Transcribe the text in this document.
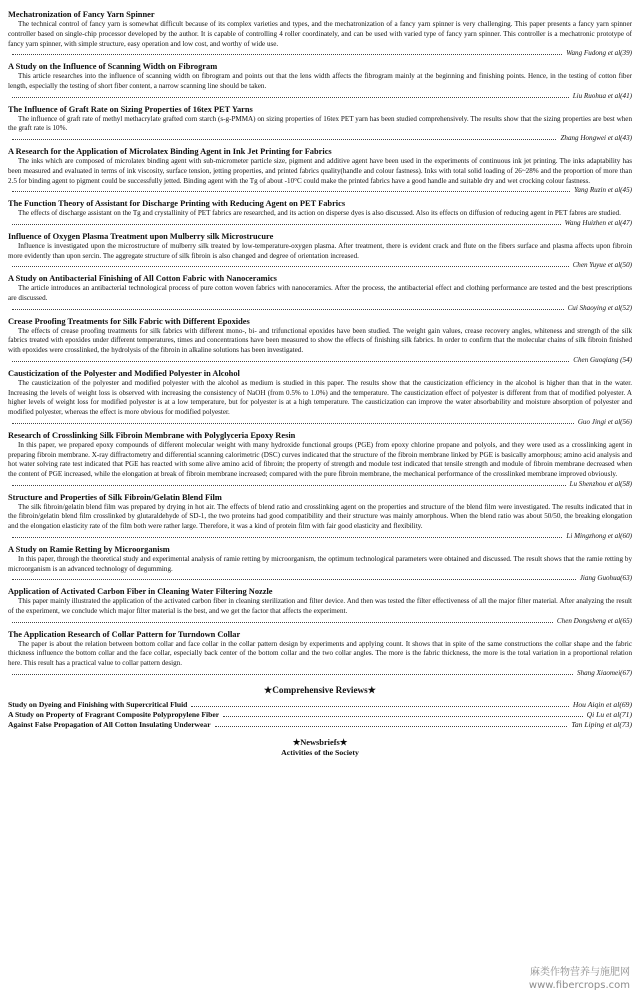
Mechatronization of Fancy Yarn Spinner
The technical control of fancy yarn is somewhat difficult because of its complex varieties and types, and the mechatronization of a fancy yarn spinner is very challenging. This paper presents a fancy yarn spinner controller based on single-chip processor developed by the author. It is capable of controlling 4 roller coordinately, and can be used with varied type of fancy yarn spinner. This controller is a mechatronic prototype of fancy yarn spinner, with simple structure, easy operation and low cost, and worthy of wide use.
Wang Fudong et al(39)
A Study on the Influence of Scanning Width on Fibrogram
This article researches into the influence of scanning width on fibrogram and points out that the lens width affects the fibrogram mainly at the beginning and finishing points. Hence, in the testing of cotton fiber length, especially the testing of short fiber content, a narrow scanning line should be taken.
Liu Ruohua et al(41)
The Influence of Graft Rate on Sizing Properties of 16tex PET Yarns
The influence of graft rate of methyl methacrylate grafted corn starch (s-g-PMMA) on sizing properties of 16tex PET yarn has been studied comprehensively. The results show that the sizing properties are best when the graft rate is 10%.
Zhang Hongwei et al(43)
A Research for the Application of Microlatex Binding Agent in Ink Jet Printing for Fabrics
The inks which are composed of microlatex binding agent with sub-micrometer particle size, pigment and additive agent have been used in the experiments of continuous ink jet printing. The inks adaptability has been measured and evaluated in terms of ink viscosity, surface tension, jetting properties, and printed fabrics quality(handle and colour fastness). Inks with total solid loading of 26~28% and the proportion of more than 2.5 for binding agent to pigment could be successfully jetted. Binding agent with the Tg of about -10°C could make the printed fabrics have a good handle and suitable dry and wet crocking colour fastness.
Yang Ruzin et al(45)
The Function Theory of Assistant for Discharge Printing with Reducing Agent on PET Fabrics
The effects of discharge assistant on the Tg and crystallinity of PET fabrics are researched, and its action on disperse dyes is also discussed. Also its effects on diffusion of reducing agent in PET fabres are studied.
Wang Huizhen et al(47)
Influence of Oxygen Plasma Treatment upon Mulberry silk Microstrucure
Influence is investigated upon the microstructure of mulberry silk treated by low-temperature-oxygen plasma. After treatment, there is evident crack and flute on the fibers surface and plasma affects upon fibroin more evidently than upon sercin. The aggregate structure of silk fibroin is also changed and degree of orientation increased.
Chen Yuyue et al(50)
A Study on Antibacterial Finishing of All Cotton Fabric with Nanoceramics
The article introduces an antibacterial technological process of pure cotton woven fabrics with nanoceramics. After the process, the antibacterial effect and clothing performance are tested and the best prescriptions are discussed.
Cui Shaoying et al(52)
Crease Proofing Treatments for Silk Fabric with Different Epoxides
The effects of crease proofing treatments for silk fabrics with different mono-, bi- and trifunctional epoxides have been studied. The weight gain values, crease recovery angles, whiteness and strength of the silk fabrics treated with epoxides under different temperatures, times and concentrations have been measured to show the effects of finishing silk fabrics. In order to confirm that the molecular chains of silk fibroin finished with epoxides were crosslinked, the hydrolysis of the fibroin in alkaline solutions has been investigated.
Chen Guoqiang (54)
Causticization of the Polyester and Modified Polyester in Alcohol
The causticization of the polyester and modified polyester with the alcohol as medium is studied in this paper. The results show that the causticization efficiency in the alcohol is higher than that in the water. Increasing the levels of weight loss is observed with increasing the consistency of NaOH (from 0.5% to 1.0%) and the temperature. The causticization effect of polyester is different from that of modified polyester. A higher levels of weight loss for modified polyester is at a low temperature, but for polyester is at a high temperature. The causticization can improve the water absorbability and moisture absorption of polyester and modified polyester, whereas the effect is more obvious for modified polyester.
Guo Jingi et al(56)
Research of Crosslinking Silk Fibroin Membrane with Polyglyceria Epoxy Resin
In this paper, we prepared epoxy compounds of different molecular weight with many hydroxide functional groups (PGE) from epoxy chlorine propane and polyols, and they were used as a crosslinking agent in preparing fibroin membrane. X-ray diffractometry and differential scanning calorimetric (DSC) curves indicated that the structure of the fibroin membrane linked by PGE is basically amorphous; amino acid analysis and hot water solving rate test indicated that PGE has reacted with some alive amino acid of fibroin; the property of strength and module test indicated that tensile strength and module of fibroin membrane decreased when the content of PGE increased, while the elongation at break of fibroin membrane increased; compared with the pure fibroin membrane, the mechanical performance of the crosslinked membrane improved obviously.
Lu Shenzhou et al(58)
Structure and Properties of Silk Fibroin/Gelatin Blend Film
The silk fibroin/gelatin blend film was prepared by drying in hot air. The effects of blend ratio and crosslinking agent on the properties and structure of the blend film were investigated. The results indicated that in the fibroin/gelatin blend film crosslinked by glutaraldehyde of SD-1, the two proteins had good compatibility and their structure was mainly amorphous. When the blend ratio was about 50/50, the breaking elongation and the elongation elasticity rate of the film both were rather large. Therefore, it was a kind of protein film with fair good elasticity and flexibility.
Li Mingzhong et al(60)
A Study on Ramie Retting by Microorganism
In this paper, through the theoretical study and experimental analysis of ramie retting by microorganism, the optimum technological parameters were obtained and discussed. The result shows that the ramie retting by microorganism is an advanced technology of degumming.
Jiang Guohua(63)
Application of Activated Carbon Fiber in Cleaning Water Filtering Nozzle
This paper mainly illustrated the application of the activated carbon fiber in cleaning sterilization and filter device. And then was tested the filter effectiveness of all the major filter material. After analyzing the result of the experiment, we conclude which major filter material is the best, and we get the factor that affects the experiment.
Chen Dongsheng et al(65)
The Application Research of Collar Pattern for Turndown Collar
The paper is about the relation between bottom collar and face collar in the collar pattern design by experiments and applying count. It shows that in spite of the same constructions the collar shape and the fabric thickness influence the bottom collar and the face collar, especially back center of the bottom collar and the two collar angles. The more is the fabric thickness, the more is the total variation in a proportional relation here. This result has a practical value to collar pattern design.
Shang Xiaomei(67)
★Comprehensive Reviews★
Study on Dyeing and Finishing with Supercritical Fluid	Hou Aiqin et al(69)
A Study on Property of Fragrant Composite Polypropylene Fiber	Qi Lu et al(71)
Against False Propagation of All Cotton Insulating Underwear	Tan Liping et al(73)
★Newsbriefs★
Activities of the Society
麻类作物营养与施肥网
www.fibercrops.com
